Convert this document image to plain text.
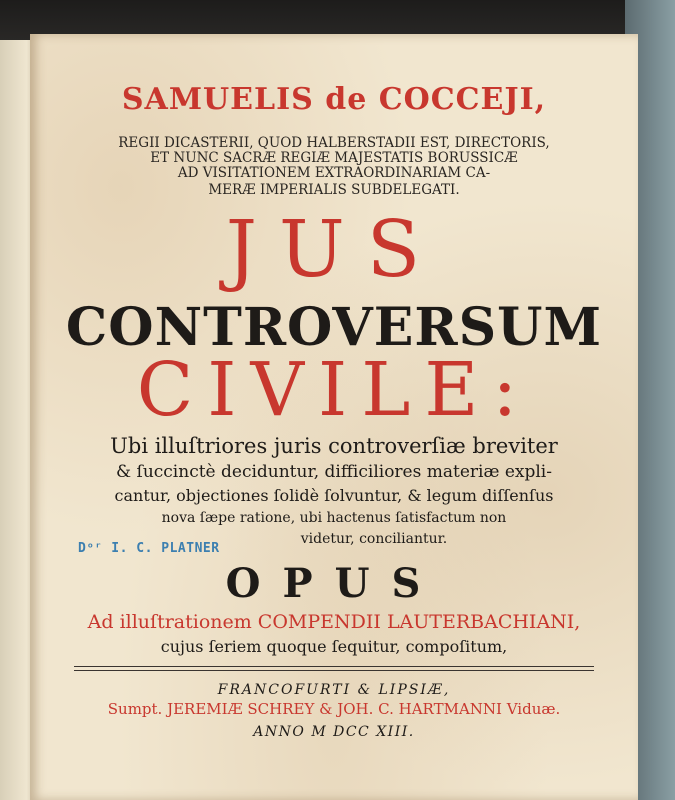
SAMUELIS de COCCEJI,
REGII DICASTERII, QUOD HALBERSTADII EST, DIRECTORIS,
ET NUNC SACRÆ REGIÆ MAJESTATIS BORUSSICÆ
AD VISITATIONEM EXTRAORDINARIAM CA-
MERÆ IMPERIALIS SUBDELEGATI.
JUS
CONTROVERSUM
CIVILE:
Ubi illuſtriores juris controverſiæ breviter
& ſuccinctè deciduntur, difficiliores materiæ expli-
cantur, objectiones ſolidè ſolvuntur, & legum diſſenſus
nova ſæpe ratione, ubi hactenus ſatisfactum non
videtur, conciliantur.
Dᵒʳ I. C. PLATNER
OPUS
Ad illuſtrationem COMPENDII LAUTERBACHIANI,
cujus ſeriem quoque ſequitur, compoſitum,
FRANCOFURTI & LIPSIÆ,
Sumpt. JEREMIÆ SCHREY & JOH. C. HARTMANNI Viduæ.
ANNO M DCC XIII.
